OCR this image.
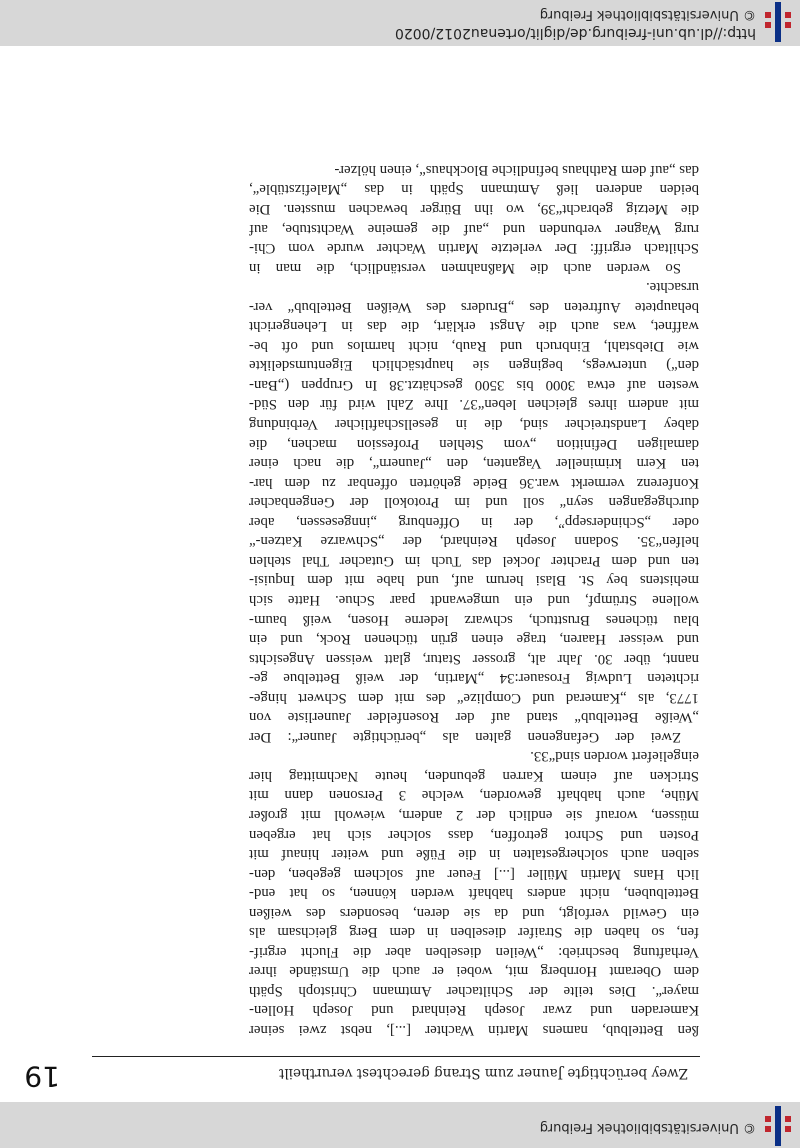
© Universitätsbibliothek Freiburg
Zwey berüchtigte Jauner zum Strang gerechtest verurtheilt
19
ßen Bettelbub, namens Martin Wachter [...], nebst zwei seiner
Kameraden und zwar Joseph Reinhard und Joseph Hollen-
mayer“. Dies teilte der Schiltacher Amtmann Christoph Späth
dem Oberamt Hornberg mit, wobei er auch die Umstände ihrer
Verhaftung beschrieb: „Weilen dieselben aber die Flucht ergrif-
fen, so haben die Straifer dieselben in dem Berg gleichsam als
ein Gewild verfolgt, und da sie deren, besonders des weißen
Bettelbuben, nicht anders habhaft werden können, so hat end-
lich Hans Martin Müller [...] Feuer auf solchem gegeben, den-
selben auch solchergestalten in die Füße und weiter hinauf mit
Posten und Schrot getroffen, dass solcher sich hat ergeben
müssen, worauf sie endlich der 2 andern, wiewohl mit großer
Mühe, auch habhaft geworden, welche 3 Personen dann mit
Stricken auf einem Karren gebunden, heute Nachmittag hier
eingeliefert worden sind“33.
Zwei der Gefangenen galten als „berüchtigte Jauner“: Der
„Weiße Bettelbub“ stand auf der Rosenfelder Jaunerliste von
1773, als „Kamerad und Complize“ des mit dem Schwert hinge-
richteten Ludwig Frosauer:34 „Martin, der weiß Bettelbue ge-
nannt, über 30. Jahr alt, grosser Statur, glatt weissen Angesichts
und weisser Haaren, trage einen grün tüchenen Rock, und ein
blau tüchenes Brusttuch, schwarz lederne Hosen, weiß baum-
wollene Strümpf, und ein umgewandt paar Schue. Hatte sich
mehistens bey St. Blasi herum auf, und habe mit dem Inquisi-
ten und dem Prachter Jockel das Tuch im Gutacher Thal stehlen
helfen“35. Sodann Joseph Reinhard, der „Schwarze Katzen-“
oder „Schinderseppˮ, der in Offenburg „inngesessen, aber
durchgegangen seyn“ soll und im Protokoll der Gengenbacher
Konferenz vermerkt war.36 Beide gehörten offenbar zu dem har-
ten Kern krimineller Vaganten, den „Jaunern“, die nach einer
damaligen Definition „vom Stehlen Profession machen, die
dabey Landstreicher sind, die in gesellschaftlicher Verbindung
mit andern ihres gleichen leben“37. Ihre Zahl wird für den Süd-
westen auf etwa 3000 bis 3500 geschätzt.38 In Gruppen („Ban-
den“) unterwegs, begingen sie hauptsächlich Eigentumsdelikte
wie Diebstahl, Einbruch und Raub, nicht harmlos und oft be-
waffnet, was auch die Angst erklärt, die das in Lehengericht
behauptete Auftreten des „Bruders des Weißen Bettelbub“ ver-
ursachte.
So werden auch die Maßnahmen verständlich, die man in
Schiltach ergriff: Der verletzte Martin Wachter wurde vom Chi-
rurg Wagner verbunden und „auf die gemeine Wachtstube, auf
die Metzig gebracht“39, wo ihn Bürger bewachen mussten. Die
beiden anderen ließ Amtmann Späth in das „Malefizstüble“,
das „auf dem Rathhaus befindliche Blockhaus“, einen hölzer-
http://dl.ub.uni-freiburg.de/diglit/ortenau2012/0020
© Universitätsbibliothek Freiburg
